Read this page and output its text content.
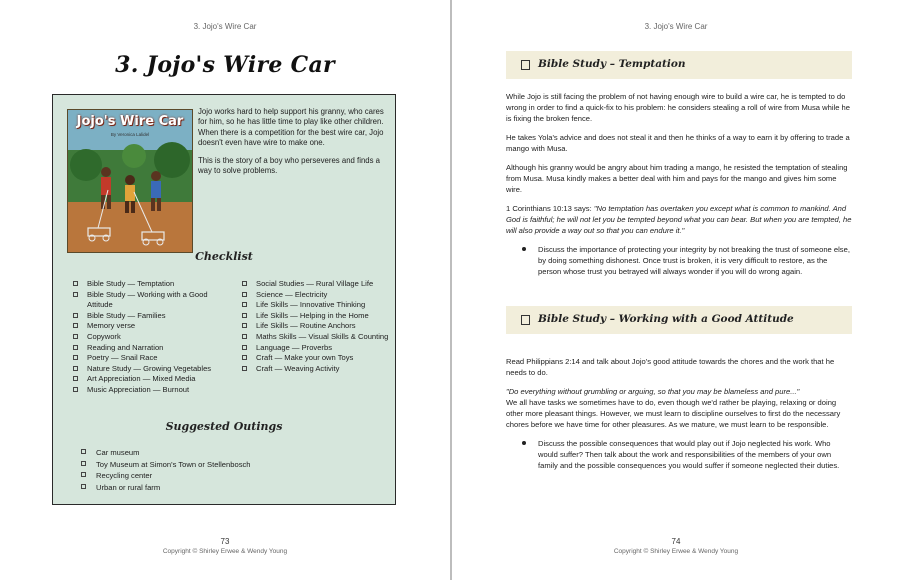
3. Jojo's Wire Car
3. Jojo's Wire Car
Jojo's Wire Car
By Veronica Lalidel

Jojo works hard to help support his granny, who cares for him, so he has little time to play like other children. When there is a competition for the best wire car, Jojo doesn't even have wire to make one.

This is the story of a boy who perseveres and finds a way to solve problems.

Checklist
Bible Study — Temptation
Bible Study — Working with a Good Attitude
Bible Study — Families
Memory verse
Copywork
Reading and Narration
Poetry — Snail Race
Nature Study — Growing Vegetables
Art Appreciation — Mixed Media
Music Appreciation — Burnout
Social Studies — Rural Village Life
Science — Electricity
Life Skills — Innovative Thinking
Life Skills — Helping in the Home
Life Skills — Routine Anchors
Maths Skills — Visual Skills & Counting
Language — Proverbs
Craft — Make your own Toys
Craft — Weaving Activity
Suggested Outings
Car museum
Toy Museum at Simon's Town or Stellenbosch
Recycling center
Urban or rural farm
73
Copyright © Shirley Erwee & Wendy Young
3. Jojo's Wire Car
Bible Study – Temptation

While Jojo is still facing the problem of not having enough wire to build a wire car, he is tempted to do wrong in order to find a quick-fix to his problem: he considers stealing a roll of wire from Musa while he is fixing the broken fence.

He takes Yola's advice and does not steal it and then he thinks of a way to earn it by offering to trade a mango with Musa.

Although his granny would be angry about him trading a mango, he resisted the temptation of stealing from Musa. Musa kindly makes a better deal with him and pays for the mango and gives him some wire.

1 Corinthians 10:13 says: "No temptation has overtaken you except what is common to mankind. And God is faithful; he will not let you be tempted beyond what you can bear. But when you are tempted, he will also provide a way out so that you can endure it."

Discuss the importance of protecting your integrity by not breaking the trust of someone else, by doing something dishonest. Once trust is broken, it is very difficult to restore, as the person whose trust you betrayed will always wonder if you will do wrong again.
Bible Study – Working with a Good Attitude

Read Philippians 2:14 and talk about Jojo's good attitude towards the chores and the work that he needs to do.

"Do everything without grumbling or arguing, so that you may be blameless and pure..."

We all have tasks we sometimes have to do, even though we'd rather be playing, relaxing or doing other more pleasant things. However, we must learn to discipline ourselves to first do the necessary chores before we have time for other pleasures. As we mature, we must learn to be responsible.

Discuss the possible consequences that would play out if Jojo neglected his work. Who would suffer? Then talk about the work and responsibilities of the members of your own family and the possible consequences you would suffer if someone neglected their duties.
74
Copyright © Shirley Erwee & Wendy Young
